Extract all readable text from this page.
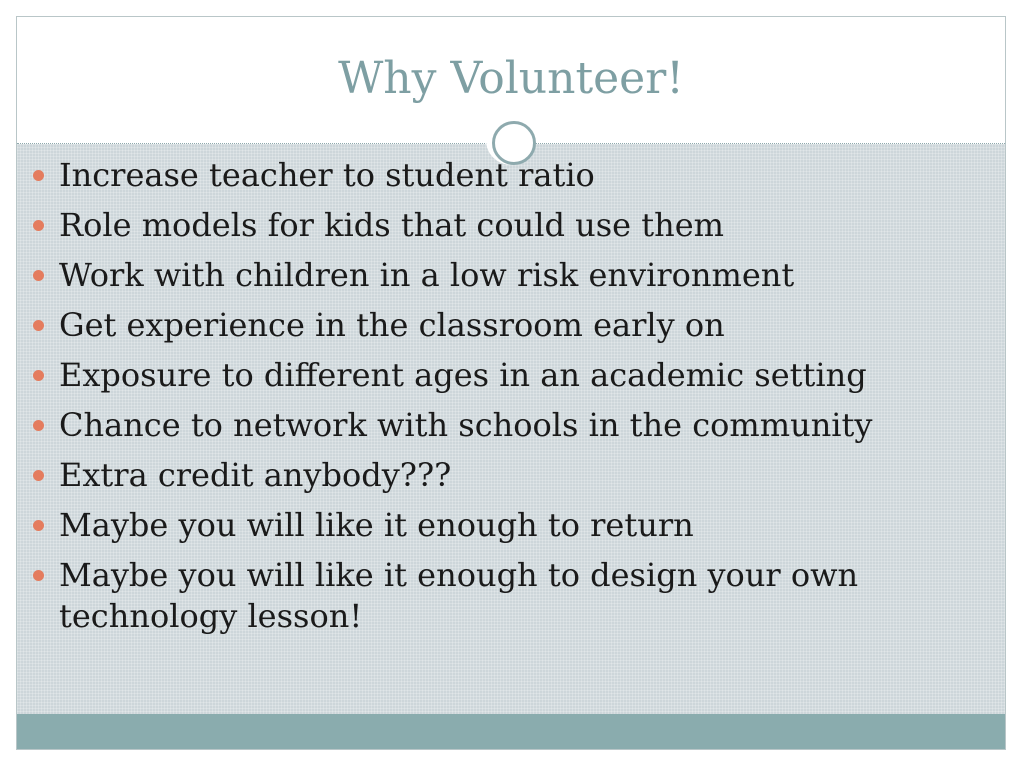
Why Volunteer!
Increase teacher to student ratio
Role models for kids that could use them
Work with children in a low risk environment
Get experience in the classroom early on
Exposure to different ages in an academic setting
Chance to network with schools in the community
Extra credit anybody???
Maybe you will like it enough to return
Maybe you will like it enough to design your own technology lesson!
